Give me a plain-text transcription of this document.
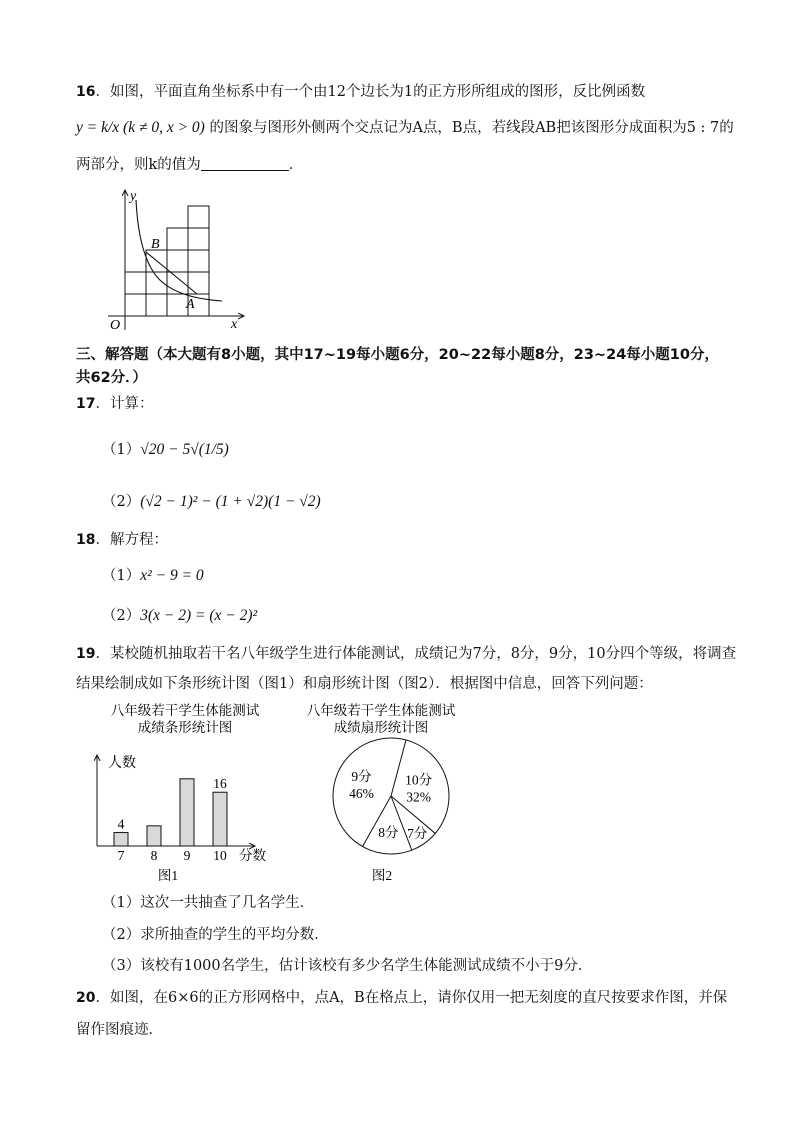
16．如图，平面直角坐标系中有一个由12个边长为1的正方形所组成的图形，反比例函数
y = k/x (k ≠ 0, x > 0) 的图象与图形外侧两个交点记为A点，B点，若线段AB把该图形分成面积为5 : 7的
两部分，则k的值为	．
y
x
O
B
A
三、解答题（本大题有8小题，其中17~19每小题6分，20~22每小题8分，23~24每小题10分，
共62分．）
17．计算：
（1）√20 − 5√(1/5)
（2）(√2 − 1)² − (1 + √2)(1 − √2)
18．解方程：
（1）x² − 9 = 0
（2）3(x − 2) = (x − 2)²
19．某校随机抽取若干名八年级学生进行体能测试，成绩记为7分，8分，9分，10分四个等级，将调查
结果绘制成如下条形统计图（图1）和扇形统计图（图2）．根据图中信息，回答下列问题：
八年级若干学生体能测试
成绩条形统计图
八年级若干学生体能测试
成绩扇形统计图
人数
分数
7
4
8 9 10
16
图1
10分
32%
7分
8分
9分
46%
图2
（1）这次一共抽查了几名学生．
（2）求所抽查的学生的平均分数．
（3）该校有1000名学生，估计该校有多少名学生体能测试成绩不小于9分．
20．如图，在6×6的正方形网格中，点A，B在格点上，请你仅用一把无刻度的直尺按要求作图，并保
留作图痕迹．
